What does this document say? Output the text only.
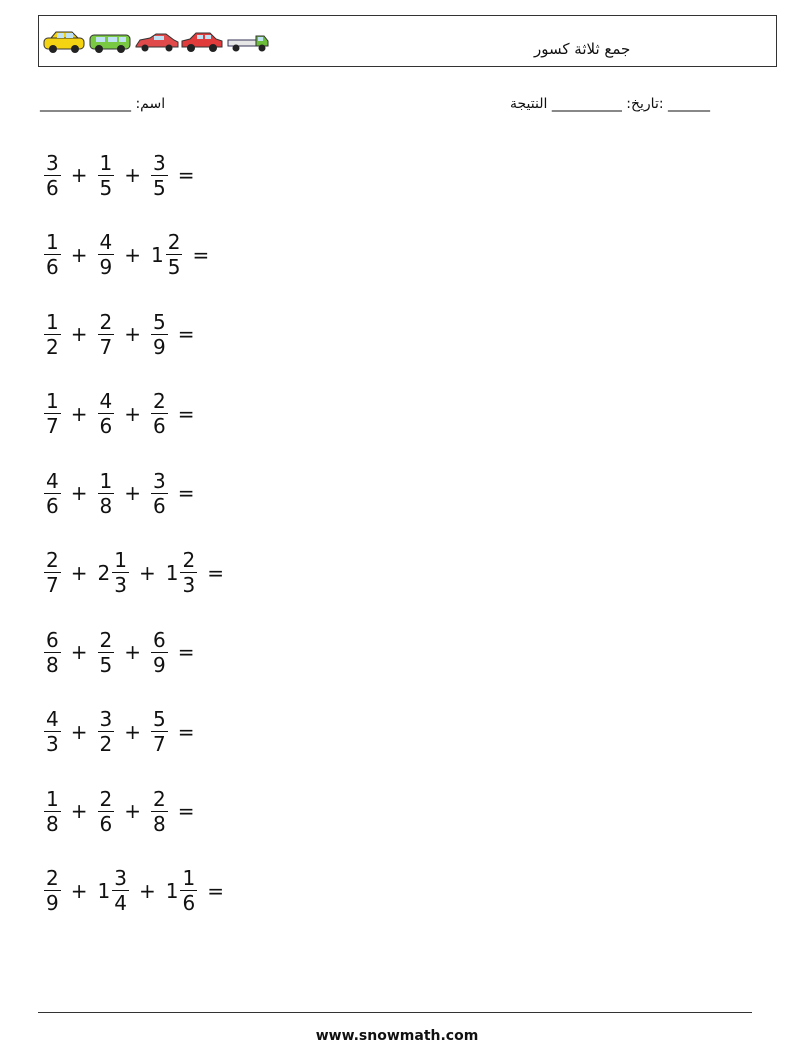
جمع ثلاثة كسور
اسم: _____________	______ :تاريخ: __________ النتيجة
$\frac{3}{6} + \frac{1}{5} + \frac{3}{5}$ =
$\frac{1}{6} + \frac{4}{9} + 1 \frac{2}{5}$ =
$\frac{1}{2} + \frac{2}{7} + \frac{5}{9}$ =
$\frac{1}{7} + \frac{4}{6} + \frac{2}{6}$ =
$\frac{4}{6} + \frac{1}{8} + \frac{3}{6}$ =
$\frac{2}{7} + 2 \frac{1}{3} + 1 \frac{2}{3}$ =
$\frac{6}{8} + \frac{2}{5} + \frac{6}{9}$ =
$\frac{4}{3} + \frac{3}{2} + \frac{5}{7}$ =
$\frac{1}{8} + \frac{2}{6} + \frac{2}{8}$ =
$\frac{2}{9} + 1 \frac{3}{4} + 1 \frac{1}{6}$ =
www.snowmath.com
